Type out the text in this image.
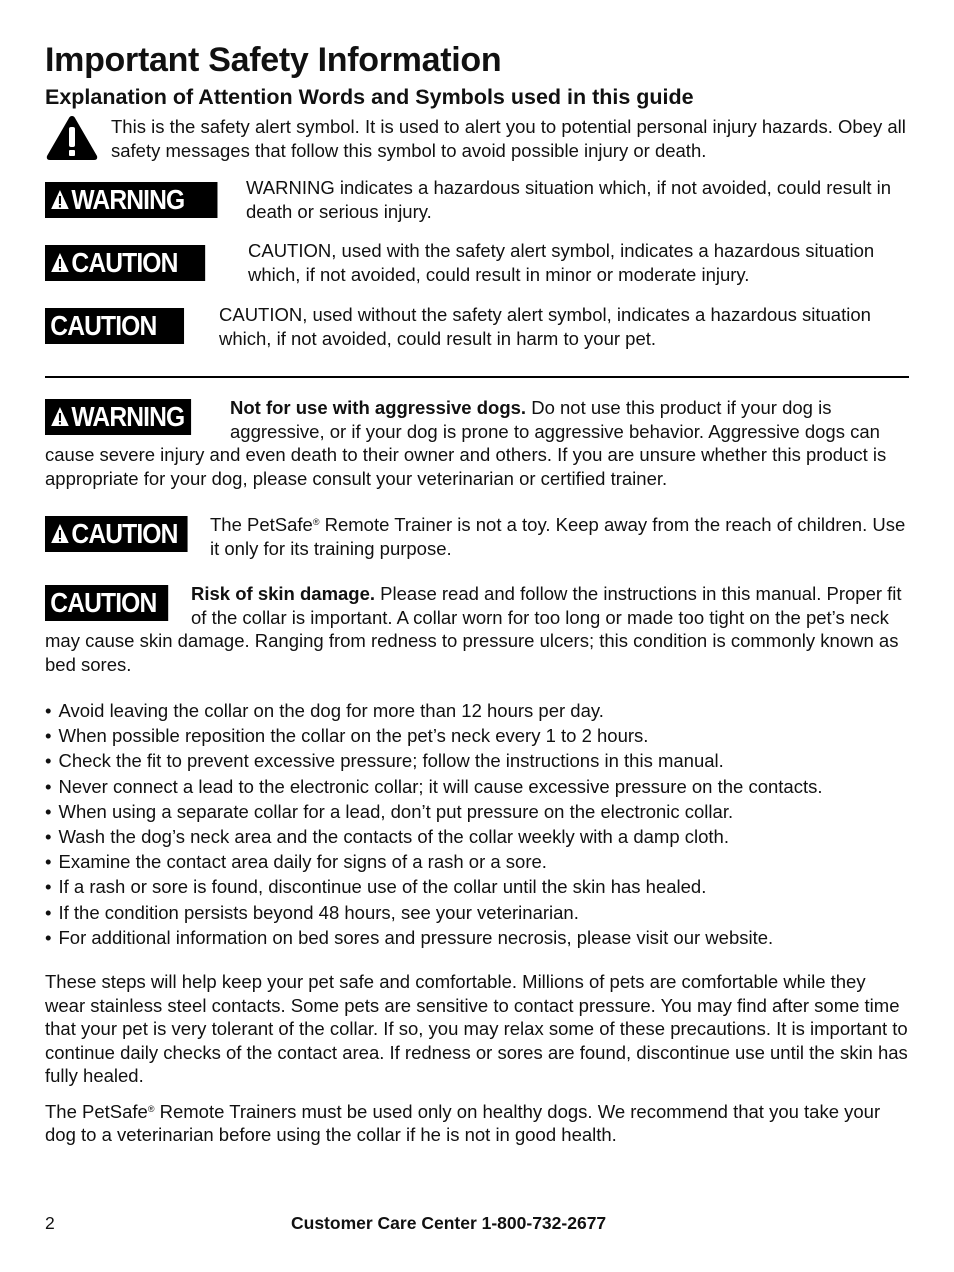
Important Safety Information
Explanation of Attention Words and Symbols used in this guide

This is the safety alert symbol. It is used to alert you to potential personal injury hazards. Obey all safety messages that follow this symbol to avoid possible injury or death.

WARNING	WARNING indicates a hazardous situation which, if not avoided, could result in death or serious injury.
CAUTION	CAUTION, used with the safety alert symbol, indicates a hazardous situation which, if not avoided, could result in minor or moderate injury.
CAUTION	CAUTION, used without the safety alert symbol, indicates a hazardous situation which, if not avoided, could result in harm to your pet.
WARNING Not for use with aggressive dogs. Do not use this product if your dog is aggressive, or if your dog is prone to aggressive behavior. Aggressive dogs can cause severe injury and even death to their owner and others. If you are unsure whether this product is appropriate for your dog, please consult your veterinarian or certified trainer.
CAUTION The PetSafe® Remote Trainer is not a toy. Keep away from the reach of children. Use it only for its training purpose.
CAUTION Risk of skin damage. Please read and follow the instructions in this manual. Proper fit of the collar is important. A collar worn for too long or made too tight on the pet’s neck may cause skin damage. Ranging from redness to pressure ulcers; this condition is commonly known as bed sores.
• Avoid leaving the collar on the dog for more than 12 hours per day.
• When possible reposition the collar on the pet’s neck every 1 to 2 hours.
• Check the fit to prevent excessive pressure; follow the instructions in this manual.
• Never connect a lead to the electronic collar; it will cause excessive pressure on the contacts.
• When using a separate collar for a lead, don’t put pressure on the electronic collar.
• Wash the dog’s neck area and the contacts of the collar weekly with a damp cloth.
• Examine the contact area daily for signs of a rash or a sore.
• If a rash or sore is found, discontinue use of the collar until the skin has healed.
• If the condition persists beyond 48 hours, see your veterinarian.
• For additional information on bed sores and pressure necrosis, please visit our website.

These steps will help keep your pet safe and comfortable. Millions of pets are comfortable while they wear stainless steel contacts. Some pets are sensitive to contact pressure. You may find after some time that your pet is very tolerant of the collar. If so, you may relax some of these precautions. It is important to continue daily checks of the contact area. If redness or sores are found, discontinue use until the skin has fully healed.

The PetSafe® Remote Trainers must be used only on healthy dogs. We recommend that you take your dog to a veterinarian before using the collar if he is not in good health.

2	Customer Care Center 1-800-732-2677
